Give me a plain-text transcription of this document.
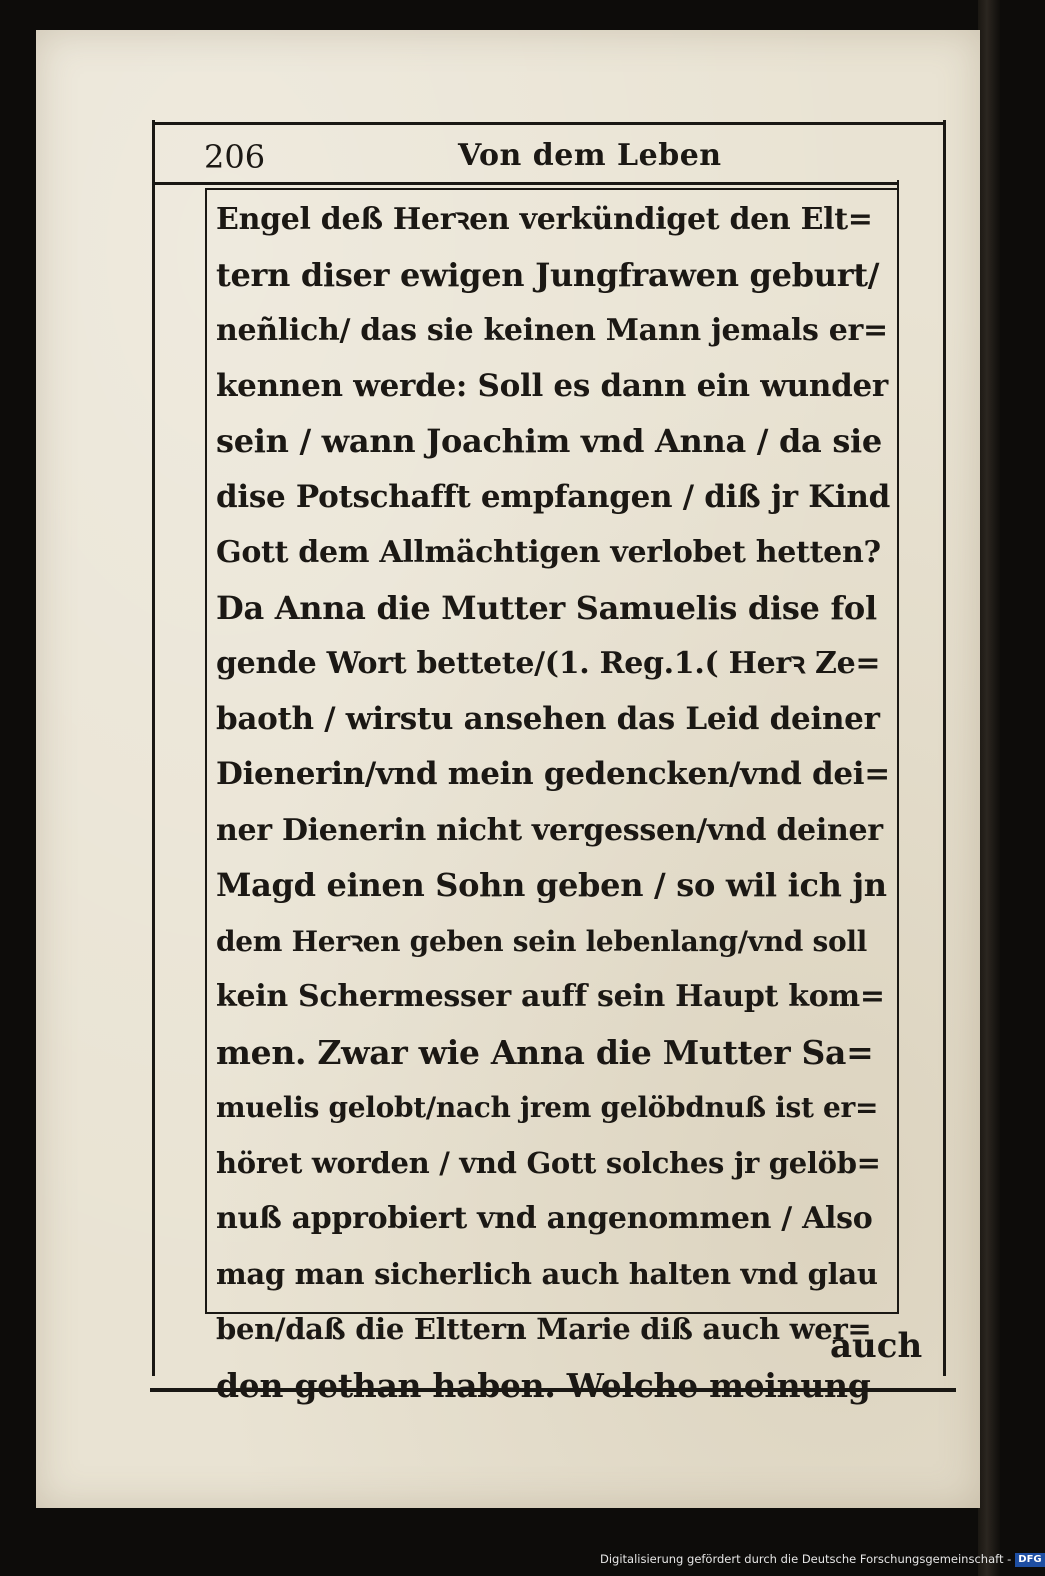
206	Von dem Leben
Engel deß Herꝛen verkündiget den Elt=
tern diser ewigen Jungfrawen geburt/
neñlich/ das sie keinen Mann jemals er=
kennen werde: Soll es dann ein wunder
sein / wann Joachim vnd Anna / da sie
dise Potschafft empfangen / diß jr Kind
Gott dem Allmächtigen verlobet hetten?
Da Anna die Mutter Samuelis dise fol
gende Wort bettete/(1. Reg.1.( Herꝛ Ze=
baoth / wirstu ansehen das Leid deiner
Dienerin/vnd mein gedencken/vnd dei=
ner Dienerin nicht vergessen/vnd deiner
Magd einen Sohn geben / so wil ich jn
dem Herꝛen geben sein lebenlang/vnd soll
kein Schermesser auff sein Haupt kom=
men. Zwar wie Anna die Mutter Sa=
muelis gelobt/nach jrem gelöbdnuß ist er=
höret worden / vnd Gott solches jr gelöb=
nuß approbiert vnd angenommen / Also
mag man sicherlich auch halten vnd glau
ben/daß die Elttern Marie diß auch wer=
den gethan haben. Welche meinung
auch
Digitalisierung gefördert durch die Deutsche Forschungsgemeinschaft - DFG
